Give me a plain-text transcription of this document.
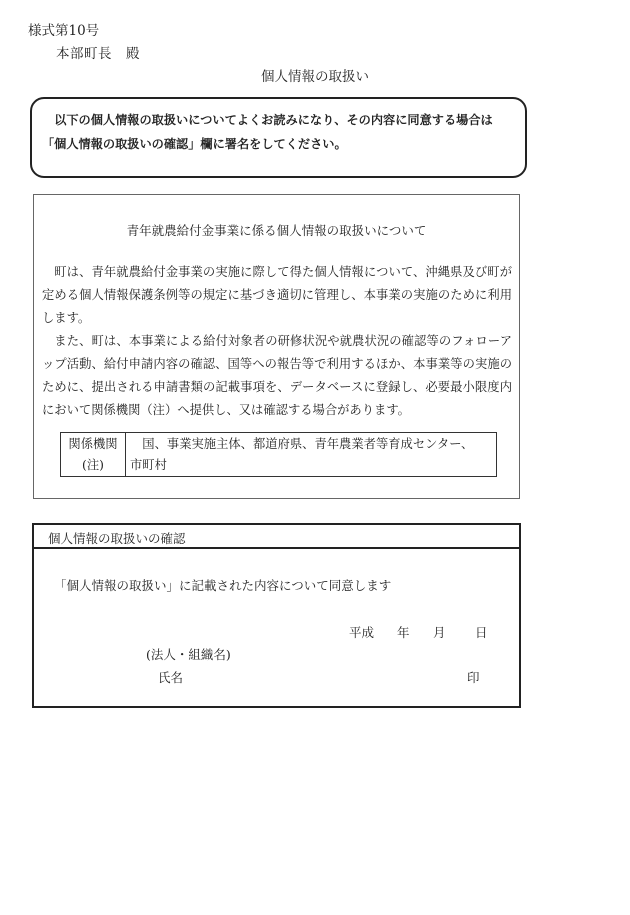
様式第10号
本部町長　殿
個人情報の取扱い
以下の個人情報の取扱いについてよくお読みになり、その内容に同意する場合は「個人情報の取扱いの確認」欄に署名をしてください。
青年就農給付金事業に係る個人情報の取扱いについて

町は、青年就農給付金事業の実施に際して得た個人情報について、沖縄県及び町が定める個人情報保護条例等の規定に基づき適切に管理し、本事業の実施のために利用します。

また、町は、本事業による給付対象者の研修状況や就農状況の確認等のフォローアップ活動、給付申請内容の確認、国等への報告等で利用するほか、本事業等の実施のために、提出される申請書類の記載事項を、データベースに登録し、必要最小限度内において関係機関（注）へ提供し、又は確認する場合があります。

関係機関
(注)
国、事業実施主体、都道府県、青年農業者等育成センター、
市町村
個人情報の取扱いの確認
「個人情報の取扱い」に記載された内容について同意します
平成 年 月 日
(法人・組織名)
氏名	印
